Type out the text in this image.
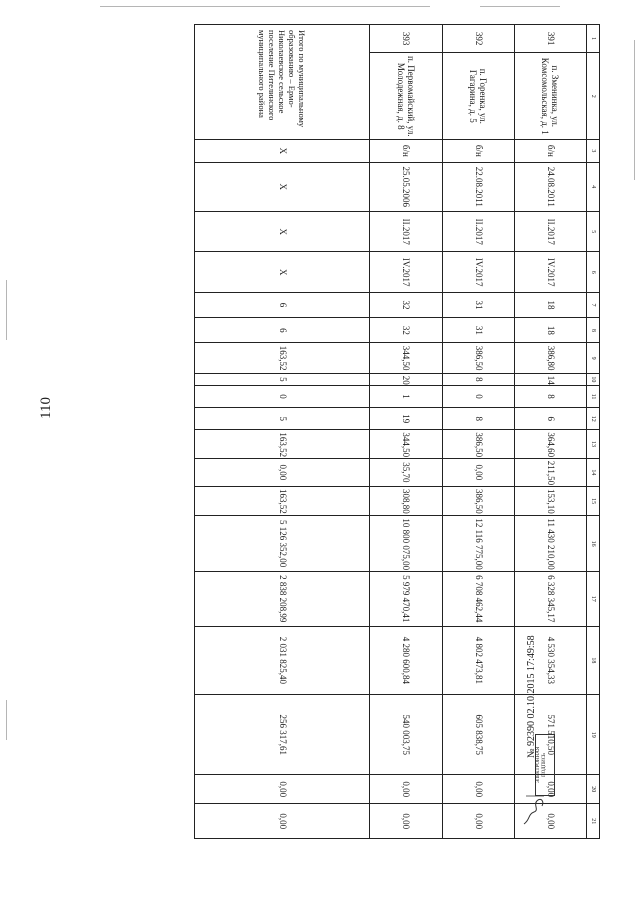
110
1	2	3	4	5	6	7	8	9	10	11	12	13	14	15	16	17	18	19	20	21
391	п. Зменинка, ул. Комсомольская, д. 1	б/н	24.08.2011	II.2017	IV.2017	18	18	386,80	14	8	6	364,60	211,50	153,10	11 430 210,00	6 328 345,17	4 530 354,33	571 510,50	0,00	0,00
392	п. Горенка, ул. Гагарина, д. 5	б/н	22.08.2011	II.2017	IV.2017	31	31	386,50	8	0	8	386,50	0,00	386,50	12 116 775,00	6 708 462,44	4 802 473,81	605 838,75	0,00	0,00
393	п. Первомайский, ул. Молодежная, д. 8	б/н	25.05.2006	II.2017	IV.2017	32	32	344,50	20	1	19	344,50	35,70	308,80	10 800 075,00	5 979 470,41	4 280 600,84	540 003,75	0,00	0,00
Итого по муниципальному образованию – Ермо-Николаевское сельское поселение Пителинского муниципального района		X	X	X	X	6	6	163,52	5	0	5	163,52	0,00	163,52	5 126 352,00	2 838 208,99	2 031 825,40	256 317,61	0,00	0,00
ЭЛЕКТРОННАЯ ПОДПИСЬ
№ 92390 02.10.2015 17:49:58
